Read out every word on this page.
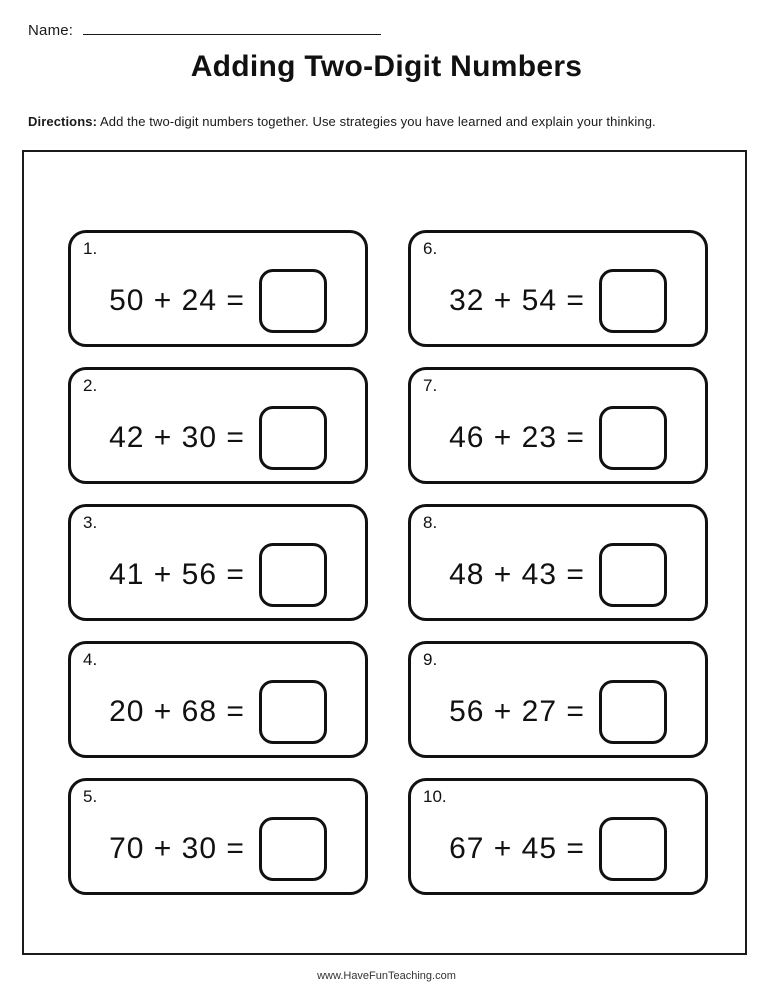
Name:
Adding Two-Digit Numbers
Directions: Add the two-digit numbers together. Use strategies you have learned and explain your thinking.
1.
50 + 24 =
6.
32 + 54 =
2.
42 + 30 =
7.
46 + 23 =
3.
41 + 56 =
8.
48 + 43 =
4.
20 + 68 =
9.
56 + 27 =
5.
70 + 30 =
10.
67 + 45 =
www.HaveFunTeaching.com
